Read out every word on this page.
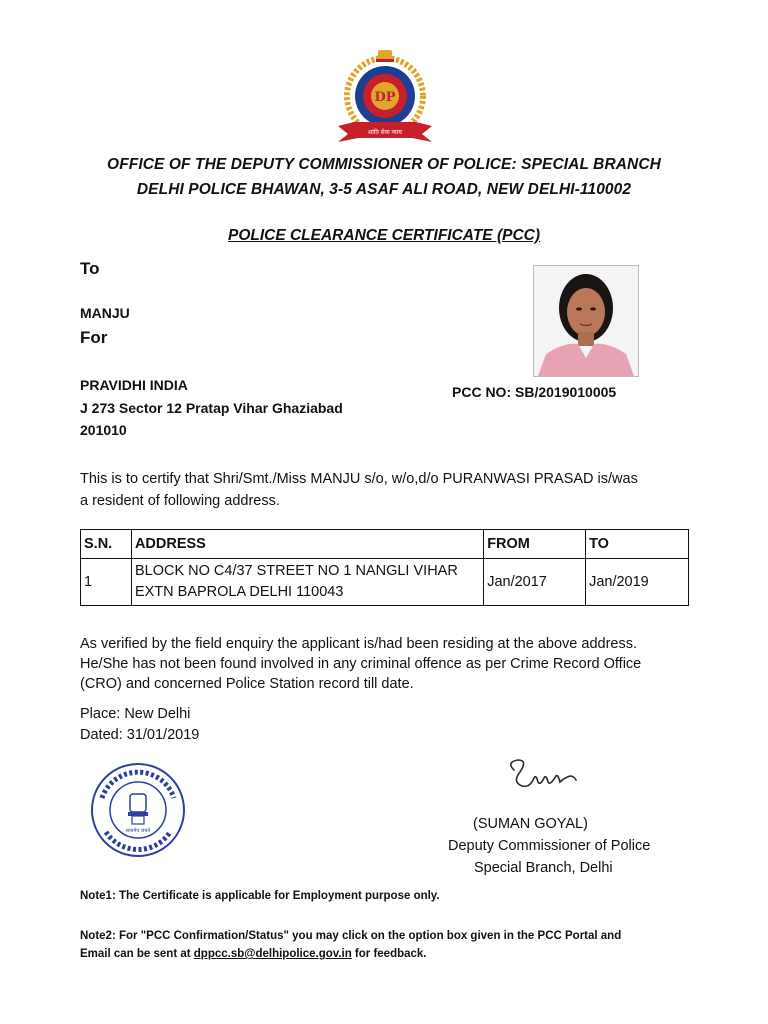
DP
शांति सेवा न्याय
OFFICE OF THE DEPUTY COMMISSIONER OF POLICE: SPECIAL BRANCH
DELHI POLICE BHAWAN, 3-5 ASAF ALI ROAD, NEW DELHI-110002
POLICE CLEARANCE CERTIFICATE (PCC)
To
MANJU
For
PRAVIDHI INDIA
J 273 Sector 12 Pratap Vihar Ghaziabad
201010
PCC NO: SB/2019010005
This is to certify that Shri/Smt./Miss MANJU s/o, w/o,d/o PURANWASI PRASAD is/was
a resident of following address.
S.N.	ADDRESS	FROM	TO
1	BLOCK NO C4/37 STREET NO 1 NANGLI VIHAR
EXTN BAPROLA DELHI 110043	Jan/2017	Jan/2019
As verified by the field enquiry the applicant is/had been residing at the above address.
He/She has not been found involved in any criminal offence as per Crime Record Office
(CRO) and concerned Police Station record till date.
Place: New Delhi
Dated: 31/01/2019
सत्यमेव जयते	(SUMAN GOYAL)
Deputy Commissioner of Police
Special Branch, Delhi
Note1: The Certificate is applicable for Employment purpose only.
Note2: For "PCC Confirmation/Status" you may click on the option box given in the PCC Portal and
Email can be sent at dppcc.sb@delhipolice.gov.in for feedback.
